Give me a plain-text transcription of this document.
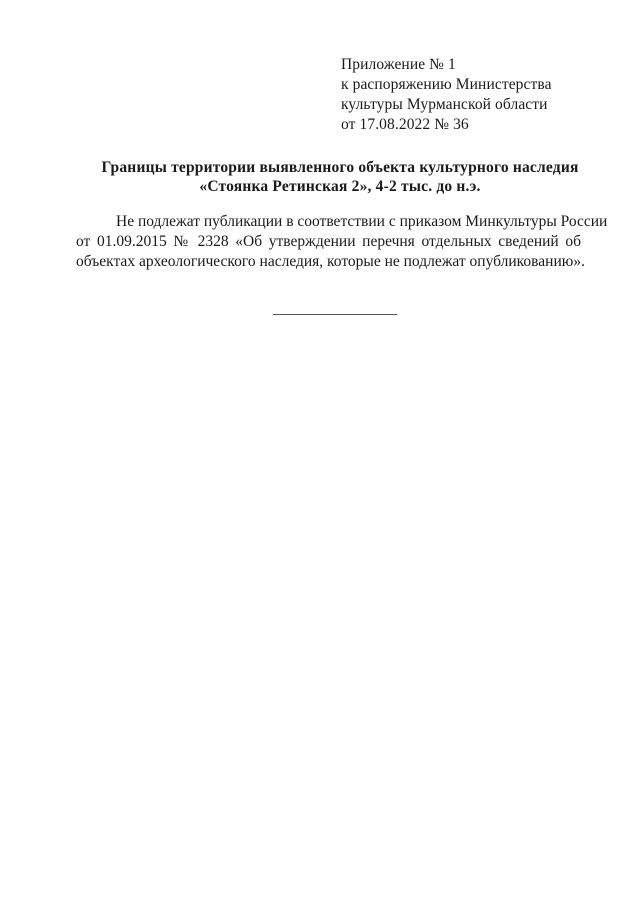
Приложение № 1
к распоряжению Министерства
культуры Мурманской области
от 17.08.2022 № 36
Границы территории выявленного объекта культурного наследия
«Стоянка Ретинская 2», 4-2 тыс. до н.э.
Не подлежат публикации в соответствии с приказом Минкультуры России
от 01.09.2015 № 2328 «Об утверждении перечня отдельных сведений об
объектах археологического наследия, которые не подлежат опубликованию».
